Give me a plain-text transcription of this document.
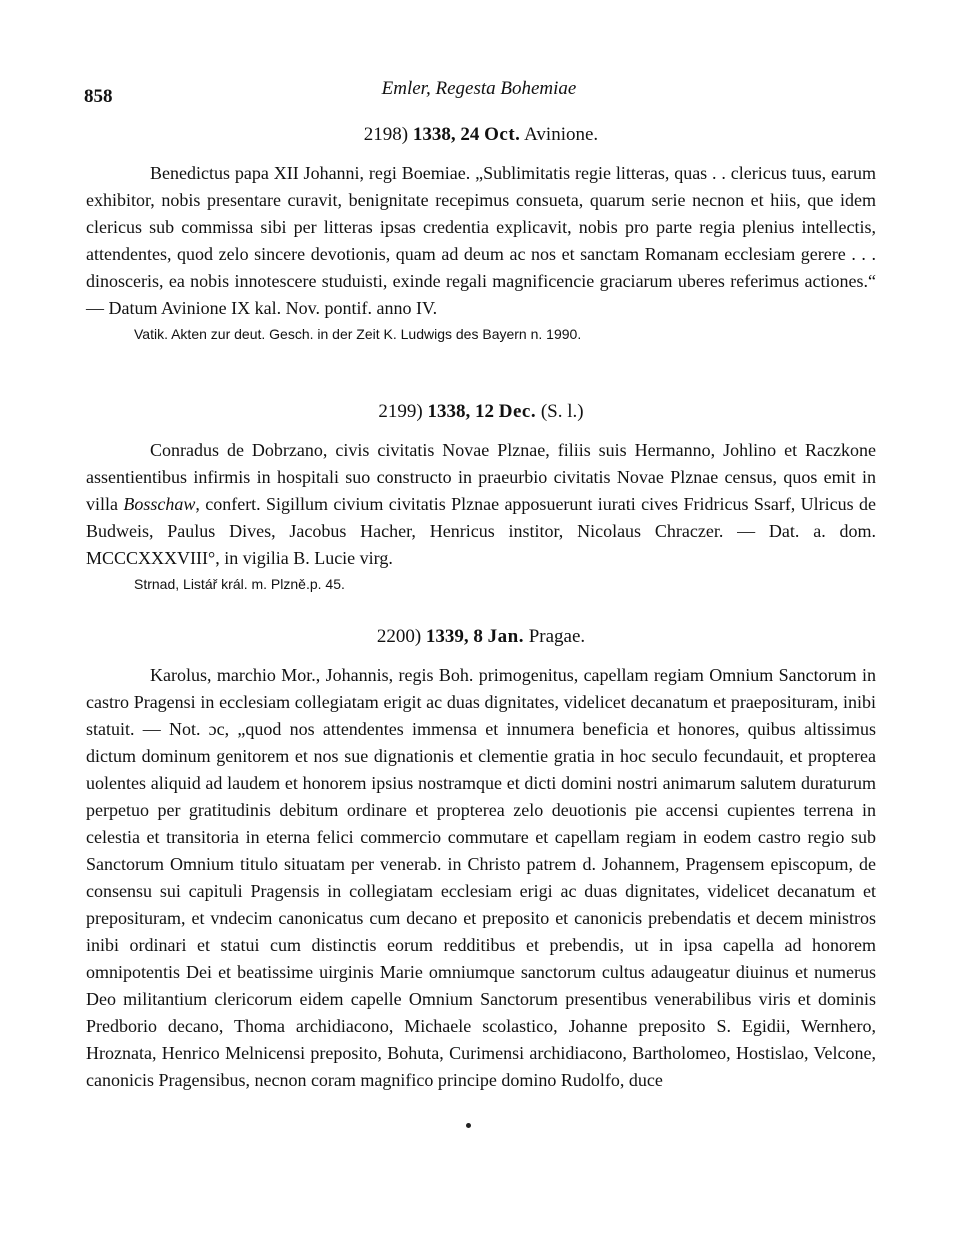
858	Emler, Regesta Bohemiae
2198) 1338, 24 Oct. Avinione.

Benedictus papa XII Johanni, regi Boemiae. „Sublimitatis regie litteras, quas . . clericus tuus, earum exhibitor, nobis presentare curavit, benignitate recepimus consueta, quarum serie necnon et hiis, que idem clericus sub commissa sibi per litteras ipsas credentia explicavit, nobis pro parte regia plenius intellectis, attendentes, quod zelo sincere devotionis, quam ad deum ac nos et sanctam Romanam ecclesiam gerere . . . dinosceris, ea nobis innotescere studuisti, exinde regali magnificencie graciarum uberes referimus actiones.“ — Datum Avinione IX kal. Nov. pontif. anno IV.

Vatik. Akten zur deut. Gesch. in der Zeit K. Ludwigs des Bayern n. 1990.
2199) 1338, 12 Dec. (S. l.)

Conradus de Dobrzano, civis civitatis Novae Plznae, filiis suis Hermanno, Johlino et Raczkone assentientibus infirmis in hospitali suo constructo in praeurbio civitatis Novae Plznae census, quos emit in villa Bosschaw, confert. Sigillum civium civitatis Plznae apposuerunt iurati cives Fridricus Ssarf, Ulricus de Budweis, Paulus Dives, Jacobus Hacher, Henricus institor, Nicolaus Chraczer. — Dat. a. dom. MCCCXXXVIII°, in vigilia B. Lucie virg.

Strnad, Listář král. m. Plzně.p. 45.
2200) 1339, 8 Jan. Pragae.

Karolus, marchio Mor., Johannis, regis Boh. primogenitus, capellam regiam Omnium Sanctorum in castro Pragensi in ecclesiam collegiatam erigit ac duas dignitates, videlicet decanatum et praeposituram, inibi statuit. — Not. ɔc, „quod nos attendentes immensa et innumera beneficia et honores, quibus altissimus dictum dominum genitorem et nos sue dignationis et clementie gratia in hoc seculo fecundauit, et propterea uolentes aliquid ad laudem et honorem ipsius nostramque et dicti domini nostri animarum salutem duraturum perpetuo per gratitudinis debitum ordinare et propterea zelo deuotionis pie accensi cupientes terrena in celestia et transitoria in eterna felici commercio commutare et capellam regiam in eodem castro regio sub Sanctorum Omnium titulo situatam per venerab. in Christo patrem d. Johannem, Pragensem episcopum, de consensu sui capituli Pragensis in collegiatam ecclesiam erigi ac duas dignitates, videlicet decanatum et preposituram, et vndecim canonicatus cum decano et preposito et canonicis prebendatis et decem ministros inibi ordinari et statui cum distinctis eorum redditibus et prebendis, ut in ipsa capella ad honorem omnipotentis Dei et beatissime uirginis Marie omniumque sanctorum cultus adaugeatur diuinus et numerus Deo militantium clericorum eidem capelle Omnium Sanctorum presentibus venerabilibus viris et dominis Predborio decano, Thoma archidiacono, Michaele scolastico, Johanne preposito S. Egidii, Wernhero, Hroznata, Henrico Melnicensi preposito, Bohuta, Curimensi archidiacono, Bartholomeo, Hostislao, Velcone, canonicis Pragensibus, necnon coram magnifico principe domino Rudolfo, duce
